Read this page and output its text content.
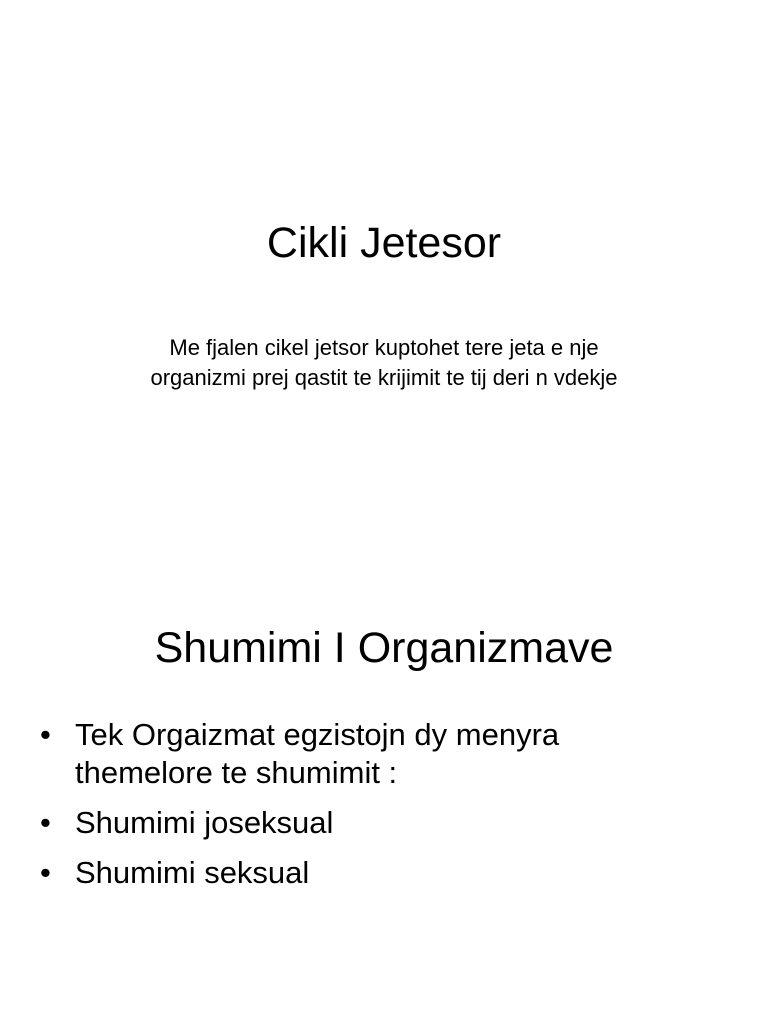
Cikli Jetesor

Me fjalen cikel jetsor kuptohet tere jeta e nje organizmi prej qastit te krijimit te tij deri n vdekje

Shumimi I Organizmave
• Tek Orgaizmat egzistojn dy menyra themelore te shumimit :
• Shumimi joseksual
• Shumimi seksual
